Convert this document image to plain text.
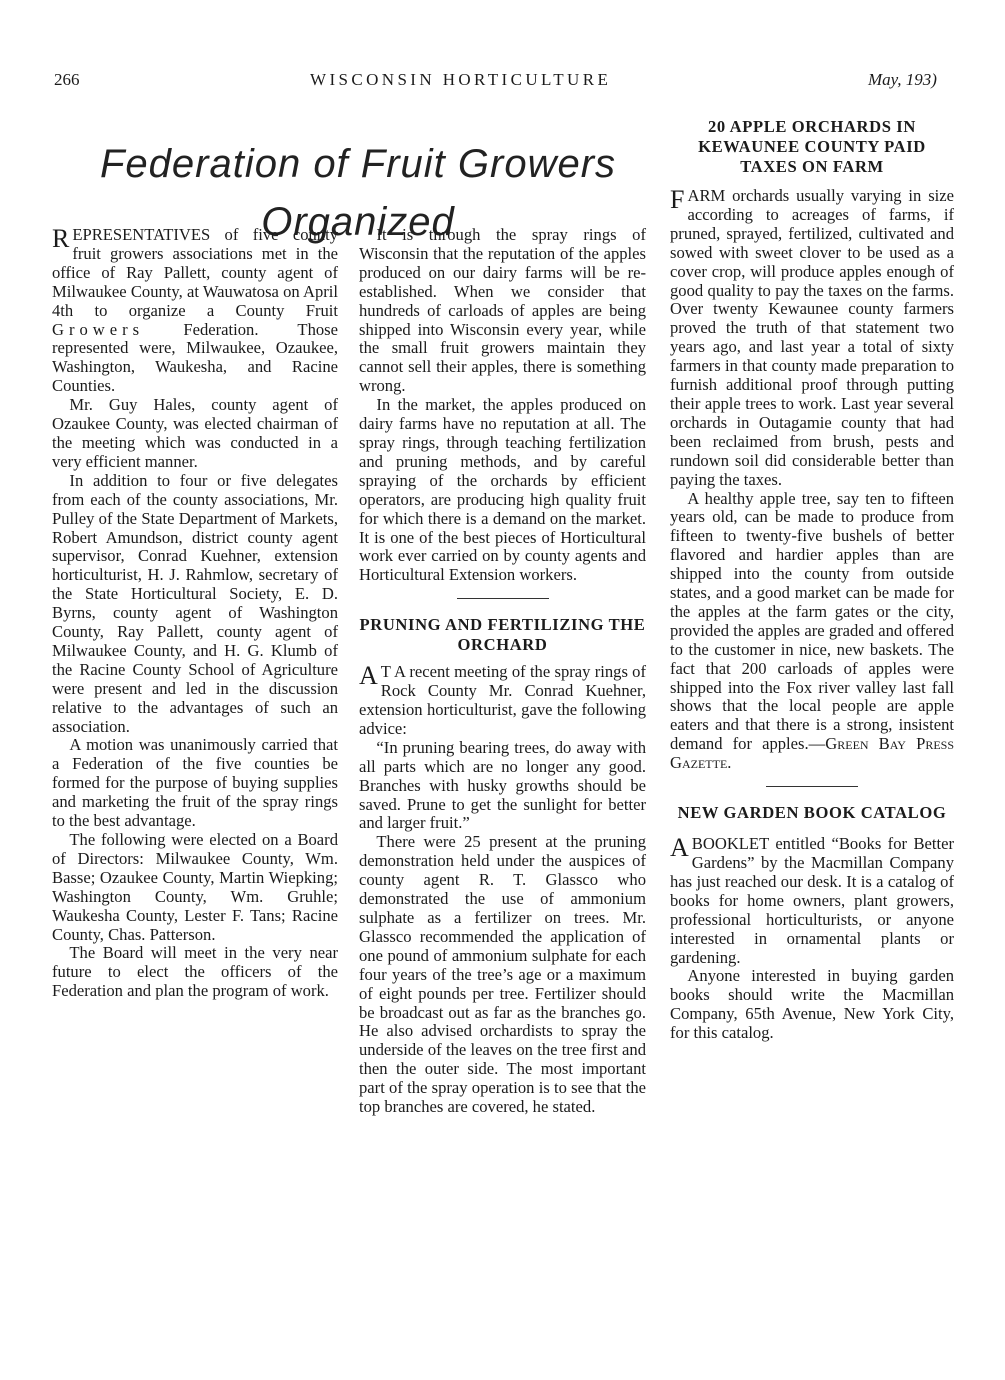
266	WISCONSIN HORTICULTURE	May, 193)
Federation of Fruit Growers Organized

REPRESENTATIVES of five county fruit growers associations met in the office of Ray Pallett, county agent of Milwaukee County, at Wauwatosa on April 4th to organize a County Fruit Growers Federation. Those represented were, Milwaukee, Ozaukee, Washington, Waukesha, and Racine Counties.

Mr. Guy Hales, county agent of Ozaukee County, was elected chairman of the meeting which was conducted in a very efficient manner.

In addition to four or five delegates from each of the county associations, Mr. Pulley of the State Department of Markets, Robert Amundson, district county agent supervisor, Conrad Kuehner, extension horticulturist, H. J. Rahmlow, secretary of the State Horticultural Society, E. D. Byrns, county agent of Washington County, Ray Pallett, county agent of Milwaukee County, and H. G. Klumb of the Racine County School of Agriculture were present and led in the discussion relative to the advantages of such an association.

A motion was unanimously carried that a Federation of the five counties be formed for the purpose of buying supplies and marketing the fruit of the spray rings to the best advantage.

The following were elected on a Board of Directors: Milwaukee County, Wm. Basse; Ozaukee County, Martin Wiepking; Washington County, Wm. Gruhle; Waukesha County, Lester F. Tans; Racine County, Chas. Patterson.

The Board will meet in the very near future to elect the officers of the Federation and plan the program of work.

It is through the spray rings of Wisconsin that the reputation of the apples produced on our dairy farms will be re-established. When we consider that hundreds of carloads of apples are being shipped into Wisconsin every year, while the small fruit growers maintain they cannot sell their apples, there is something wrong.

In the market, the apples produced on dairy farms have no reputation at all. The spray rings, through teaching fertilization and pruning methods, and by careful spraying of the orchards by efficient operators, are producing high quality fruit for which there is a demand on the market. It is one of the best pieces of Horticultural work ever carried on by county agents and Horticultural Extension workers.

PRUNING AND FERTILIZING THE ORCHARD

A T A recent meeting of the spray rings of Rock County Mr. Conrad Kuehner, extension horticulturist, gave the following advice:

“In pruning bearing trees, do away with all parts which are no longer any good. Branches with husky growths should be saved. Prune to get the sunlight for better and larger fruit.”

There were 25 present at the pruning demonstration held under the auspices of county agent R. T. Glassco who demonstrated the use of ammonium sulphate as a fertilizer on trees. Mr. Glassco recommended the application of one pound of ammonium sulphate for each four years of the tree’s age or a maximum of eight pounds per tree. Fertilizer should be broadcast out as far as the branches go. He also advised orchardists to spray the underside of the leaves on the tree first and then the outer side. The most important part of the spray operation is to see that the top branches are covered, he stated.

20 APPLE ORCHARDS IN KEWAUNEE COUNTY PAID TAXES ON FARM

FARM orchards usually varying in size according to acreages of farms, if pruned, sprayed, fertilized, cultivated and sowed with sweet clover to be used as a cover crop, will produce apples enough of good quality to pay the taxes on the farms. Over twenty Kewaunee county farmers proved the truth of that statement two years ago, and last year a total of sixty farmers in that county made preparation to furnish additional proof through putting their apple trees to work. Last year several orchards in Outagamie county that had been reclaimed from brush, pests and rundown soil did considerable better than paying the taxes.

A healthy apple tree, say ten to fifteen years old, can be made to produce from fifteen to twenty-five bushels of better flavored and hardier apples than are shipped into the county from outside states, and a good market can be made for the apples at the farm gates or the city, provided the apples are graded and offered to the customer in nice, new baskets. The fact that 200 carloads of apples were shipped into the Fox river valley last fall shows that the local people are apple eaters and that there is a strong, insistent demand for apples.—Green Bay Press Gazette.

NEW GARDEN BOOK CATALOG

ABOOKLET entitled “Books for Better Gardens” by the Macmillan Company has just reached our desk. It is a catalog of books for home owners, plant growers, professional horticulturists, or anyone interested in ornamental plants or gardening.

Anyone interested in buying garden books should write the Macmillan Company, 65th Avenue, New York City, for this catalog.
